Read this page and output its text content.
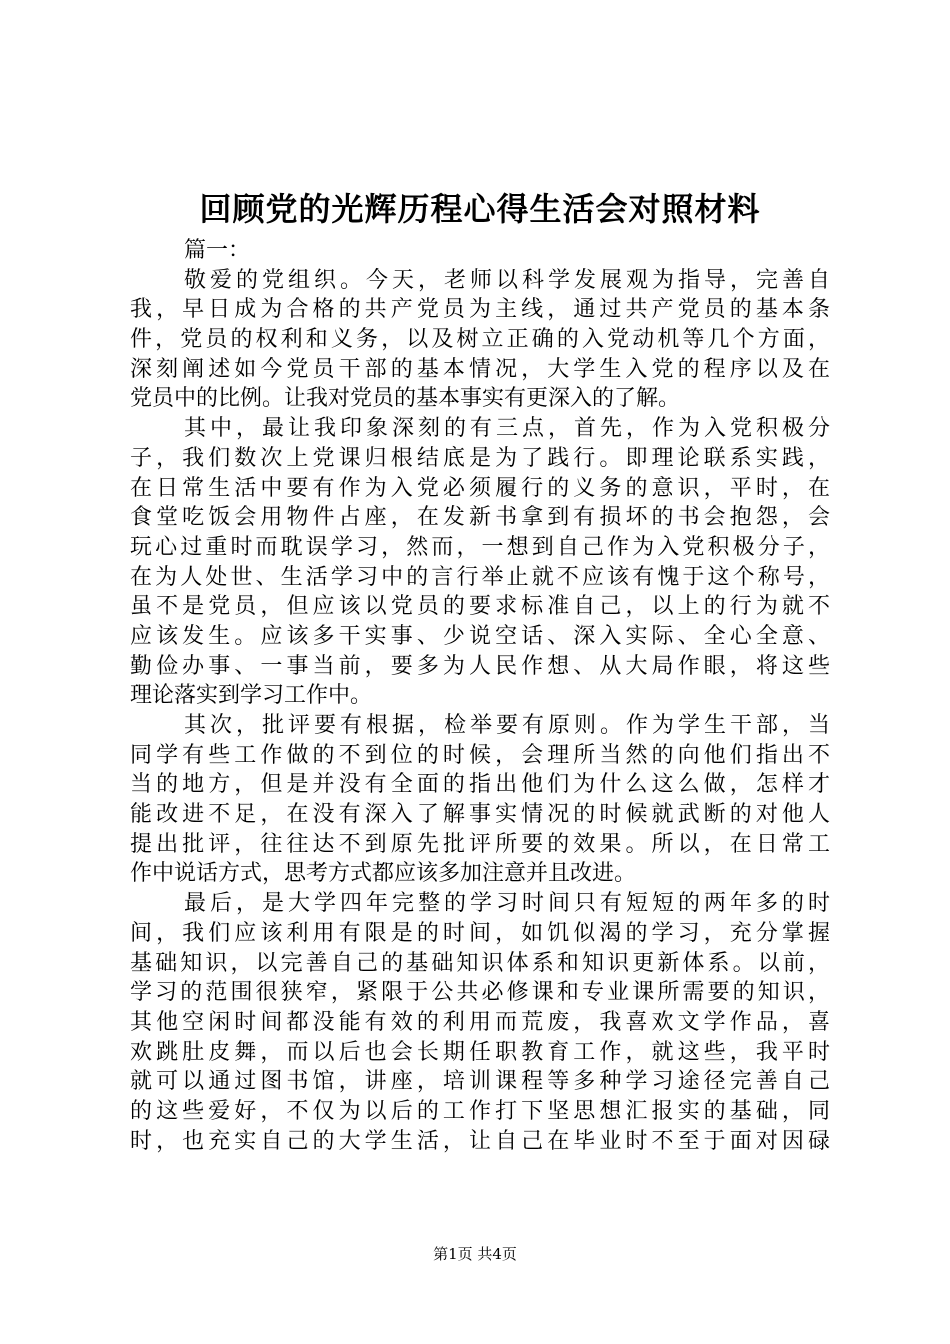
回顾党的光辉历程心得生活会对照材料
篇一：
敬爱的党组织。今天，老师以科学发展观为指导，完善自
我，早日成为合格的共产党员为主线，通过共产党员的基本条
件，党员的权利和义务，以及树立正确的入党动机等几个方面，
深刻阐述如今党员干部的基本情况，大学生入党的程序以及在
党员中的比例。让我对党员的基本事实有更深入的了解。
其中，最让我印象深刻的有三点，首先，作为入党积极分
子，我们数次上党课归根结底是为了践行。即理论联系实践，
在日常生活中要有作为入党必须履行的义务的意识，平时，在
食堂吃饭会用物件占座，在发新书拿到有损坏的书会抱怨，会
玩心过重时而耽误学习，然而，一想到自己作为入党积极分子，
在为人处世、生活学习中的言行举止就不应该有愧于这个称号，
虽不是党员，但应该以党员的要求标准自己，以上的行为就不
应该发生。应该多干实事、少说空话、深入实际、全心全意、
勤俭办事、一事当前，要多为人民作想、从大局作眼，将这些
理论落实到学习工作中。
其次，批评要有根据，检举要有原则。作为学生干部，当
同学有些工作做的不到位的时候，会理所当然的向他们指出不
当的地方，但是并没有全面的指出他们为什么这么做，怎样才
能改进不足，在没有深入了解事实情况的时候就武断的对他人
提出批评，往往达不到原先批评所要的效果。所以，在日常工
作中说话方式，思考方式都应该多加注意并且改进。
最后，是大学四年完整的学习时间只有短短的两年多的时
间，我们应该利用有限是的时间，如饥似渴的学习，充分掌握
基础知识，以完善自己的基础知识体系和知识更新体系。以前，
学习的范围很狭窄，紧限于公共必修课和专业课所需要的知识，
其他空闲时间都没能有效的利用而荒废，我喜欢文学作品，喜
欢跳肚皮舞，而以后也会长期任职教育工作，就这些，我平时
就可以通过图书馆，讲座，培训课程等多种学习途径完善自己
的这些爱好，不仅为以后的工作打下坚思想汇报实的基础，同
时，也充实自己的大学生活，让自己在毕业时不至于面对因碌
第1页 共4页
